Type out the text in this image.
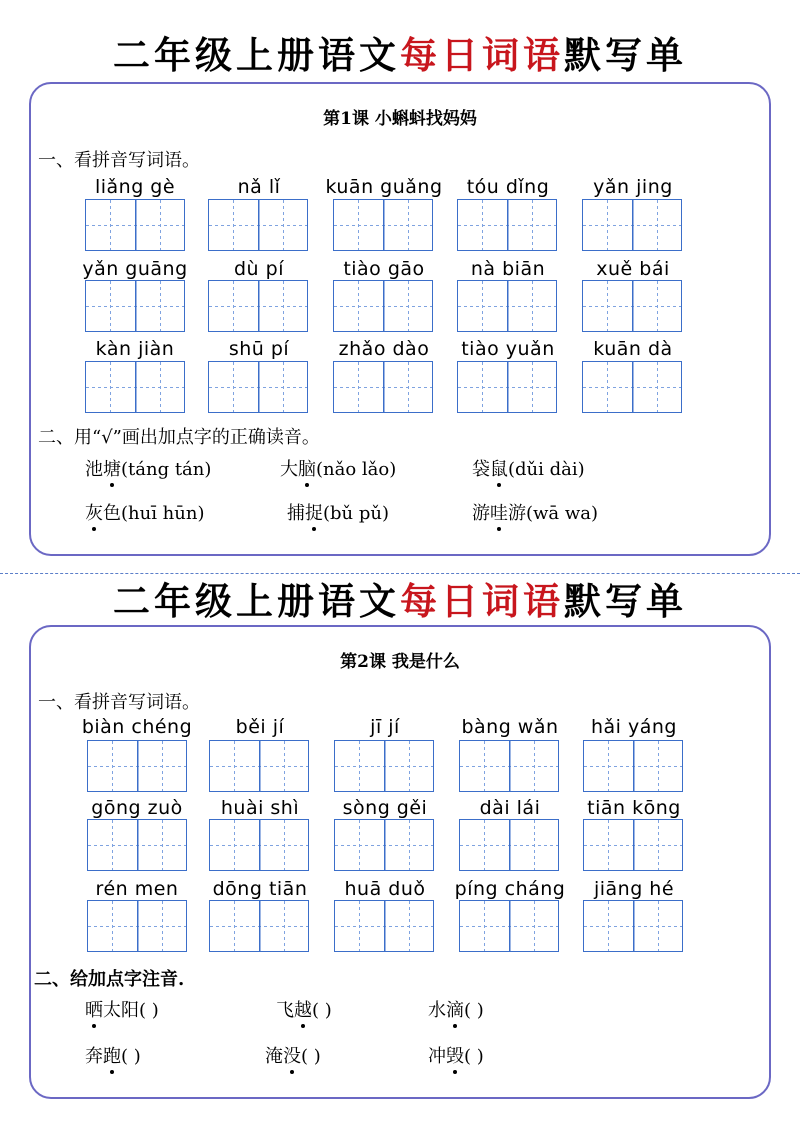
二年级上册语文每日词语默写单
第1课 小蝌蚪找妈妈
一、看拼音写词语。
liǎng gè	nǎ lǐ	kuān guǎng	tóu dǐng	yǎn jing
yǎn guāng	dù pí	tiào gāo	nà biān	xuě bái
kàn jiàn	shū pí	zhǎo dào	tiào yuǎn	kuān dà
二、用“√”画出加点字的正确读音。
池塘(táng tán)	大脑(nǎo lǎo)	袋鼠(dǔi dài)
灰色(huī hūn)	捕捉(bǔ pǔ)	游哇游(wā wa)
二年级上册语文每日词语默写单
第2课 我是什么
一、看拼音写词语。
biàn chéng	běi jí	jī jí	bàng wǎn	hǎi yáng
gōng zuò	huài shì	sòng gěi	dài lái	tiān kōng
rén men	dōng tiān	huā duǒ	píng cháng	jiāng hé
二、给加点字注音.
晒太阳( )	飞越( )	水滴( )
奔跑( )	淹没( )	冲毁( )
